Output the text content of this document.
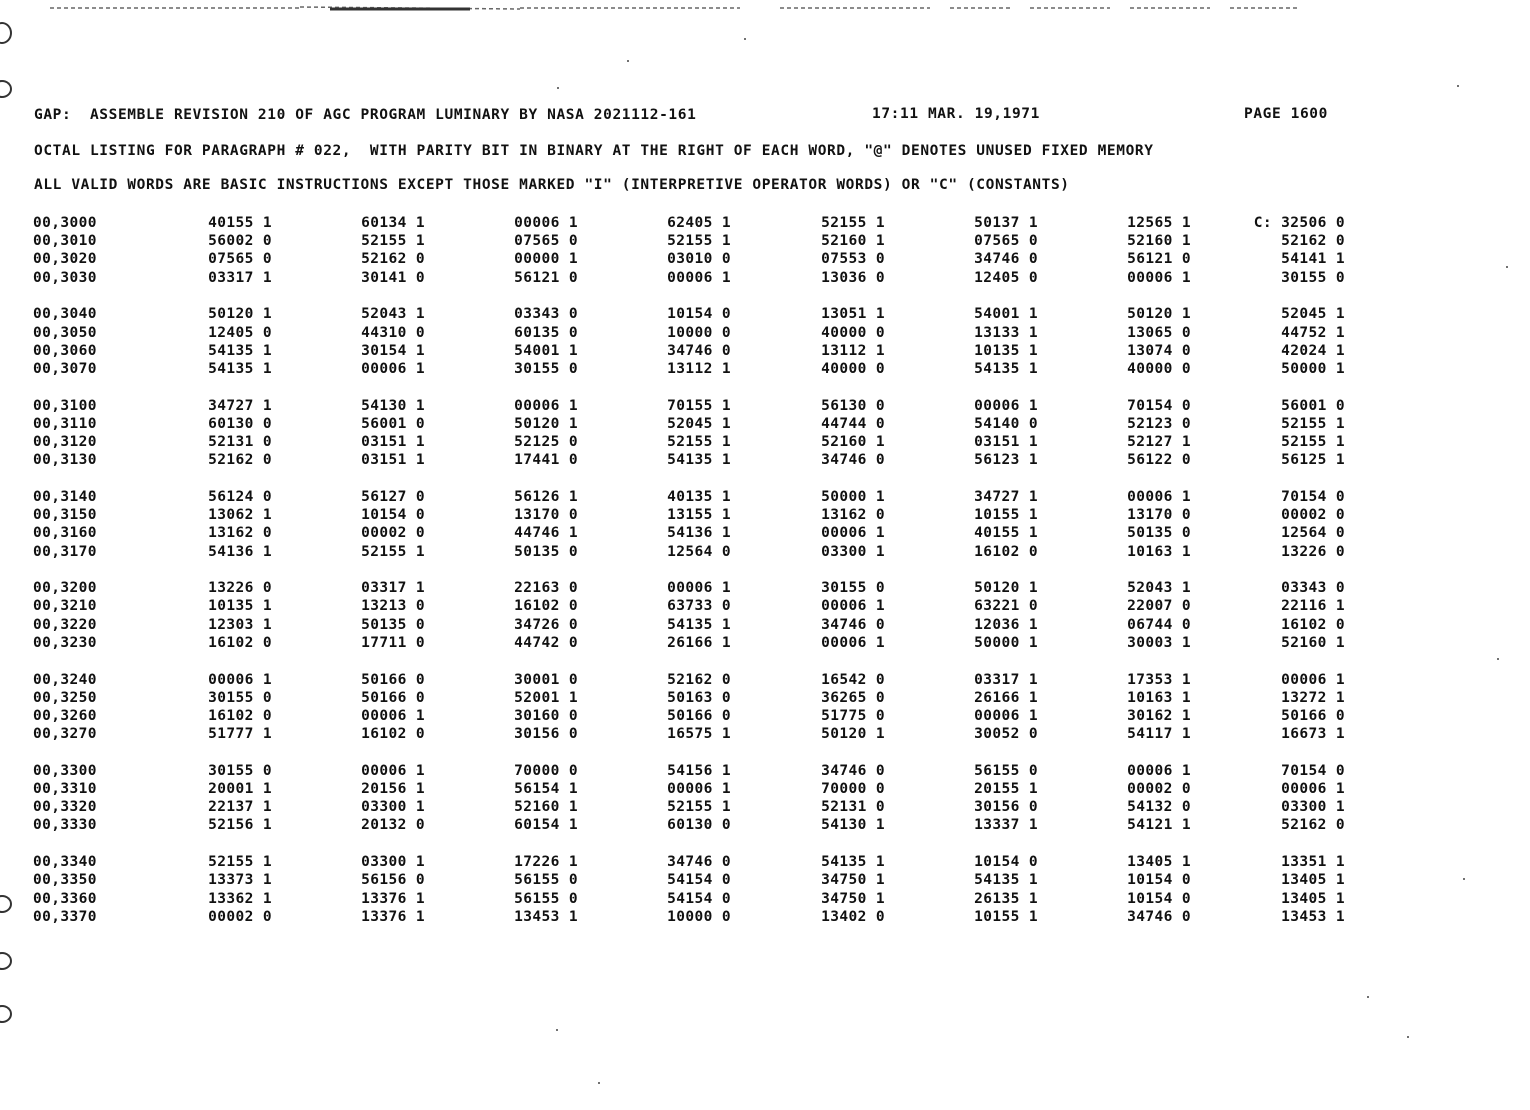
GAP:  ASSEMBLE REVISION 210 OF AGC PROGRAM LUMINARY BY NASA 2021112-161	17:11 MAR. 19,1971	PAGE 1600
OCTAL LISTING FOR PARAGRAPH # 022,  WITH PARITY BIT IN BINARY AT THE RIGHT OF EACH WORD, "@" DENOTES UNUSED FIXED MEMORY
ALL VALID WORDS ARE BASIC INSTRUCTIONS EXCEPT THOSE MARKED "I" (INTERPRETIVE OPERATOR WORDS) OR "C" (CONSTANTS)
00,3000	40155 1	60134 1	00006 1	62405 1	52155 1	50137 1	12565 1	C: 32506 0
00,3010	56002 0	52155 1	07565 0	52155 1	52160 1	07565 0	52160 1	52162 0
00,3020	07565 0	52162 0	00000 1	03010 0	07553 0	34746 0	56121 0	54141 1
00,3030	03317 1	30141 0	56121 0	00006 1	13036 0	12405 0	00006 1	30155 0
00,3040	50120 1	52043 1	03343 0	10154 0	13051 1	54001 1	50120 1	52045 1
00,3050	12405 0	44310 0	60135 0	10000 0	40000 0	13133 1	13065 0	44752 1
00,3060	54135 1	30154 1	54001 1	34746 0	13112 1	10135 1	13074 0	42024 1
00,3070	54135 1	00006 1	30155 0	13112 1	40000 0	54135 1	40000 0	50000 1
00,3100	34727 1	54130 1	00006 1	70155 1	56130 0	00006 1	70154 0	56001 0
00,3110	60130 0	56001 0	50120 1	52045 1	44744 0	54140 0	52123 0	52155 1
00,3120	52131 0	03151 1	52125 0	52155 1	52160 1	03151 1	52127 1	52155 1
00,3130	52162 0	03151 1	17441 0	54135 1	34746 0	56123 1	56122 0	56125 1
00,3140	56124 0	56127 0	56126 1	40135 1	50000 1	34727 1	00006 1	70154 0
00,3150	13062 1	10154 0	13170 0	13155 1	13162 0	10155 1	13170 0	00002 0
00,3160	13162 0	00002 0	44746 1	54136 1	00006 1	40155 1	50135 0	12564 0
00,3170	54136 1	52155 1	50135 0	12564 0	03300 1	16102 0	10163 1	13226 0
00,3200	13226 0	03317 1	22163 0	00006 1	30155 0	50120 1	52043 1	03343 0
00,3210	10135 1	13213 0	16102 0	63733 0	00006 1	63221 0	22007 0	22116 1
00,3220	12303 1	50135 0	34726 0	54135 1	34746 0	12036 1	06744 0	16102 0
00,3230	16102 0	17711 0	44742 0	26166 1	00006 1	50000 1	30003 1	52160 1
00,3240	00006 1	50166 0	30001 0	52162 0	16542 0	03317 1	17353 1	00006 1
00,3250	30155 0	50166 0	52001 1	50163 0	36265 0	26166 1	10163 1	13272 1
00,3260	16102 0	00006 1	30160 0	50166 0	51775 0	00006 1	30162 1	50166 0
00,3270	51777 1	16102 0	30156 0	16575 1	50120 1	30052 0	54117 1	16673 1
00,3300	30155 0	00006 1	70000 0	54156 1	34746 0	56155 0	00006 1	70154 0
00,3310	20001 1	20156 1	56154 1	00006 1	70000 0	20155 1	00002 0	00006 1
00,3320	22137 1	03300 1	52160 1	52155 1	52131 0	30156 0	54132 0	03300 1
00,3330	52156 1	20132 0	60154 1	60130 0	54130 1	13337 1	54121 1	52162 0
00,3340	52155 1	03300 1	17226 1	34746 0	54135 1	10154 0	13405 1	13351 1
00,3350	13373 1	56156 0	56155 0	54154 0	34750 1	54135 1	10154 0	13405 1
00,3360	13362 1	13376 1	56155 0	54154 0	34750 1	26135 1	10154 0	13405 1
00,3370	00002 0	13376 1	13453 1	10000 0	13402 0	10155 1	34746 0	13453 1
